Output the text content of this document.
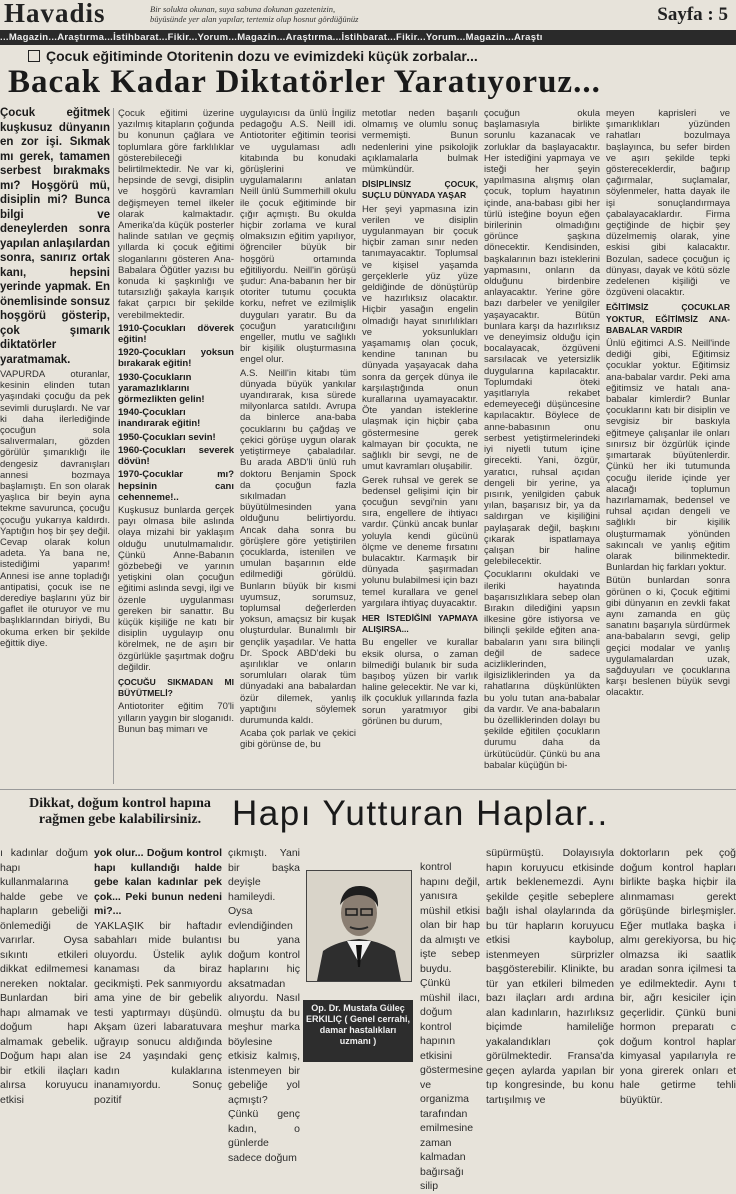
Havadis	Bir solukta okunan, suya sabuna dokunan gazetenizin,
büyüsünde yer alan yapılar, tertemiz olup hosnut gördüğünüz	Sayfa : 5
...Magazin...Araştırma...İstihbarat...Fikir...Yorum...Magazin...Araştırma...İstihbarat...Fikir...Yorum...Magazin...Araştı
Çocuk eğitiminde Otoritenin dozu ve evimizdeki küçük zorbalar...
Bacak Kadar Diktatörler Yaratıyoruz...

Çocuk eğitmek kuşkusuz dünyanın en zor işi. Sıkmak mı gerek, tamamen serbest bırakmaks mı? Hoşgörü mü, disiplin mi? Bunca bilgi ve deneylerden sonra yapılan anlaşılardan sonra, sanırız ortak kanı, hepsini yerinde yapmak. En önemlisinde sonsuz hoşgörü gösterip, çok şımarık diktatörler yaratmamak.

VAPURDA oturanlar, kesinin elinden tutan yaşındaki çocuğu da pek sevimli duruşlardı. Ne var ki daha ilerlediğinde çocuğun sola salıvermaları, gözden görülür şımarıklığı ile dengesiz davranışları annesi bozmaya başlamıştı. En son olarak yaşlıca bir beyin ayna tekme savurunca, çocuğu çocuğu yukarıya kaldırdı. Yaptığın hoş bir şey değil. Cevap olarak kolun adeta. Ya bana ne, istediğimi yaparım! Annesi ise anne topladığı antipatisi, çocuk ise ne derediye başlarını yüz bir gaflet ile oturuyor ve mu başlıklarından biriydi, Bu okuma erken bir şekilde eğittik diye.

Çocuk eğitimi üzerine yazılmış kitapların çoğunda bu konunun çağlara ve toplumlara göre farklılıklar gösterebileceği belirtilmektedir. Ne var ki, hepsinde de sevgi, disiplin ve hoşgörü kavramları değişmeyen temel ilkeler olarak kalmaktadır. Amerika'da küçük posterler halinde satılan ve geçmiş yıllarda ki çocuk eğitimi sloganlarını gösteren Ana-Babalara Öğütler yazısı bu konuda ki şaşkınlığı ve tutarsızlığı şakayla karışık fakat çarpıcı bir şekilde verebilmektedir.

1910-Çocukları döverek eğitin!

1920-Çocukları yoksun bırakarak eğitin!

1930-Çocukların yaramazlıklarını görmezlikten gelin!

1940-Çocukları inandırarak eğitin!

1950-Çocukları sevin!

1960-Çocukları severek dövün!

1970-Çocuklar mı?hepsinin canı cehenneme!..

Kuşkusuz bunlarda gerçek payı olmasa bile aslında olaya mizahi bir yaklaşım olduğu unutulmamalıdır. Çünkü Anne-Babanın gözbebeği ve yarının yetişkini olan çocuğun eğitimi aslında sevgi, ilgi ve özenle uygulanması gereken bir sanattır. Bu küçük kişiliğe ne katı bir disiplin uygulayıp onu körelmek, ne de aşırı bir özgürlükle şaşırtmak doğru değildir.

ÇOCUĞU SIKMADAN MI BÜYÜTMELİ?

Antiotoriter eğitim 70'li yılların yaygın bir sloganıdı. Bunun baş mimarı ve

uygulayıcısı da ünlü İngiliz pedagoğu A.S. Neill idi. Antiotoriter eğitimin teorisi ve uygulaması adlı kitabında bu konudaki görüşlerini ve uygulamalarını anlatan Neill ünlü Summerhill okulu ile çocuk eğitiminde bir çığır açmıştı. Bu okulda hiçbir zorlama ve kural olmaksızın eğitim yapılıyor, öğrenciler büyük bir hoşgörü ortamında eğitiliyordu. Neill'in görüşü şudur: Ana-babanın her bir otoriter tutumu çocukta korku, nefret ve ezilmişlik duyguları yaratır. Bu da çocuğun yaratıcılığını engeller, mutlu ve sağlıklı bir kişilik oluşturmasına engel olur.

A.S. Neill'in kitabı tüm dünyada büyük yankılar uyandırarak, kısa sürede milyonlarca satıldı. Avrupa da binlerce ana-baba çocuklarını bu çağdaş ve çekici görüşe uygun olarak yetiştirmeye çabaladılar. Bu arada ABD'li ünlü ruh doktoru Benjamin Spock da çocuğun fazla sıkılmadan büyütülmesinden yana olduğunu belirtiyordu. Ancak daha sonra bu görüşlere göre yetiştirilen çocuklarda, istenilen ve umulan başarının elde edilmediği görüldü. Bunların büyük bir kısmi uyumsuz, sorumsuz, toplumsal değerlerden yoksun, amaçsız bir kuşak oluşturdular. Bunalımlı bir gençlik yaşadılar. Ve hatta Dr. Spock ABD'deki bu aşırılıklar ve onların sorumluları olarak tüm dünyadaki ana babalardan özür dilemek, yanlış yaptığını söylemek durumunda kaldı.

Acaba çok parlak ve çekici gibi görünse de, bu

metotlar neden başarılı olmamış ve olumlu sonuç vermemişti. Bunun nedenlerini yine psikolojik açıklamalarla bulmak mümkündür.

DİSİPLİNSİZ ÇOCUK, SUÇLU DÜNYADA YAŞAR

Her şeyi yapmasına izin verilen ve disiplin uygulanmayan bir çocuk hiçbir zaman sınır neden tanımayacaktır. Toplumsal ve kişisel yaşamda gerçeklerle yüz yüze geldiğinde de dönüştürüp ve hazırlıksız olacaktır. Hiçbir yasağın engelin olmadığı hayat sınırlılıkları ve yoksunlukları yaşamamış olan çocuk, kendine tanınan bu dünyada yaşayacak daha sonra da gerçek dünya ile karşılaştığında onun kurallarına uyamayacaktır. Öte yandan isteklerine ulaşmak için hiçbir çaba göstermesine gerek kalmayan bir çocukta, ne sağlıklı bir sevgi, ne de umut kavramları oluşabilir.

Gerek ruhsal ve gerek se bedensel gelişimi için bir çocuğun sevgi'nin yanı sıra, engellere de ihtiyacı vardır. Çünkü ancak bunlar yoluyla kendi gücünü ölçme ve deneme fırsatını bulacaktır. Karmaşık bir dünyada şaşırmadan yolunu bulabilmesi için bazı temel kurallara ve genel yargılara ihtiyaç duyacaktır.

HER İSTEDİĞİNİ YAPMAYA ALIŞIRSA...

Bu engeller ve kurallar eksik olursa, o zaman bilmediği bulanık bir suda başıboş yüzen bir varlık haline gelecektir. Ne var ki, ilk çocukluk yıllarında fazla sorun yaratmıyor gibi görünen bu durum,

çocuğun okula başlamasıyla birlikte sorunlu kazanacak ve zorluklar da başlayacaktır. Her istediğini yapmaya ve isteği her şeyin yapılmasına alışmış olan çocuk, toplum hayatının içinde, ana-babası gibi her türlü isteğine boyun eğen birilerinin olmadığını görünce şaşkına dönecektir. Kendisinden, başkalarının bazı isteklerini yapmasını, onların da olduğunu birdenbire anlayacaktır. Yerine göre bazı darbeler ve yenilgiler yaşayacaktır. Bütün bunlara karşı da hazırlıksız ve deneyimsiz olduğu için bocalayacak, özgüveni sarsılacak ve yetersizlik duygularına kapılacaktır. Toplumdaki öteki yaşıtlarıyla rekabet edemeyeceği düşüncesine kapılacaktır. Böylece de anne-babasının onu serbest yetiştirmelerindeki iyi niyetli tutum içine girecekti. Yani, özgür, yaratıcı, ruhsal açıdan dengeli bir yerine, ya pısırık, yenilgiden çabuk yılan, başarısız bir, ya da saldırgan ve kişiliğini paylaşarak değil, başkını çıkarak ispatlamaya çalışan bir haline gelebilecektir.

Çocuklarını okuldaki ve ileriki hayatında başarısızlıklara sebep olan Bırakın dilediğini yapsın ilkesine göre istiyorsa ve bilinçli şekilde eğiten ana-babaların yanı sıra bilinçli değil de sadece acizliklerinden, ilgisizliklerinden ya da rahatlarına düşkünlükten bu yolu tutan ana-babalar da vardır. Ve ana-babaların bu özelliklerinden dolayı bu şekilde eğitilen çocukların durumu daha da ürkütücüdür. Çünkü bu ana babalar küçüğün bi-

meyen kaprisleri ve şımarıklıkları yüzünden rahatları bozulmaya başlayınca, bu sefer birden ve aşırı şekilde tepki göstereceklerdir, bağırıp çağırmalar, suçlamalar, söylenmeler, hatta dayak ile işi sonuçlandırmaya çabalayacaklardır. Firma geçtiğinde de hiçbir şey düzelmemiş olarak, yine eskisi gibi kalacaktır. Bozulan, sadece çocuğun iç dünyası, dayak ve kötü sözle zedelenen kişiliği ve özgüveni olacaktır.

EĞİTİMSİZ ÇOCUKLAR YOKTUR, EĞİTİMSİZ ANA-BABALAR VARDIR

Ünlü eğitimci A.S. Neill'inde dediği gibi, Eğitimsiz çocuklar yoktur. Eğitimsiz ana-babalar vardır. Peki ama eğitimsiz ve hatalı ana-babalar kimlerdir? Bunlar çocuklarını katı bir disiplin ve sevgisiz bir baskıyla eğitmeye çalışanlar ile onları sınırsız bir özgürlük içinde şımartarak büyütenlerdir. Çünkü her iki tutumunda çocuğu ileride içinde yer alacağı toplumun hazırlamamak, bedensel ve ruhsal açıdan dengeli ve sağlıklı bir kişilik oluşturmamak yönünden sakıncalı ve yanlış eğitim olarak bilinmektedir. Bunlardan hiç farkları yoktur.

Bütün bunlardan sonra görünen o ki, Çocuk eğitimi gibi dünyanın en zevkli fakat aynı zamanda en güç sanatını başarıyla sürdürmek ana-babaların sevgi, gelip geçici modalar ve yanlış uygulamalardan uzak, sağduyuları ve çocuklarına karşı beslenen büyük sevgi olacaktır.

Dikkat, doğum kontrol hapına rağmen gebe kalabilirsiniz. Hapı Yutturan Haplar..

ı kadınlar doğum hapı kullanmalarına halde gebe ve hapların gebeliği önlemediği de varırlar. Oysa sıkıntı etkileri dikkat edilmemesi nereken noktalar. Bunlardan biri hapı almamak ve doğum hapı almamak gebelik. Doğum hapı alan bir etkili ilaçları alırsa koruyucu etkisi

yok olur... Doğum kontrol hapı kullandığı halde gebe kalan kadınlar pek çok... Peki bunun nedeni mi?...

YAKLAŞIK bir haftadır sabahları mide bulantısı oluyordu. Üstelik aylık kanaması da biraz gecikmişti. Pek sanmıyordu ama yine de bir gebelik testi yaptırmayı düşündü. Akşam üzeri labaratuvara uğrayıp sonucu aldığında ise 24 yaşındaki genç kadın kulaklarına inanamıyordu. Sonuç pozitif

çıkmıştı. Yani bir başka deyişle hamileydi. Oysa evlendiğinden bu yana doğum kontrol haplarını hiç aksatmadan alıyordu. Nasıl olmuştu da bu meşhur marka böylesine etkisiz kalmış, istenmeyen bir gebeliğe yol açmıştı? Çünkü genç kadın, o günlerde sadece doğum

Op. Dr. Mustafa Güleç ERKILIÇ ( Genel cerrahi, damar hastalıkları uzmanı )

kontrol hapını değil, yanısıra müshil etkisi olan bir hap da almıştı ve işte sebep buydu. Çünkü müshil ilacı, doğum kontrol hapının etkisini göstermesine ve organizma tarafından emilmesine zaman kalmadan bağırsağı silip

süpürmüştü. Dolayısıyla hapın koruyucu etkisinde artık beklenemezdi. Aynı şekilde çeşitle sebeplere bağlı ishal olaylarında da bu tür hapların koruyucu etkisi kaybolup, istenmeyen sürprizler başgösterebilir. Klinikte, bu tür yan etkileri bilmeden bazı ilaçları ardı ardına alan kadınların, hazırlıksız biçimde hamileliğe yakalandıkları çok görülmektedir. Fransa'da geçen aylarda yapılan bir tıp kongresinde, bu konu tartışılmış ve

doktorların pek çoğ doğum kontrol hapları birlikte başka hiçbir ila alınmaması gerekt görüşünde birleşmişler. Eğer mutlaka başka i almı gerekiyorsa, bu hiç olmazsa iki saatlik aradan sonra içilmesi ta ye edilmektedir. Aynı t bir, ağrı kesiciler için geçerlidir. Çünkü buni hormon preparatı c doğum kontrol haplar kimyasal yapılarıyla re yona girerek onları et hale getirme tehli büyüktür.
